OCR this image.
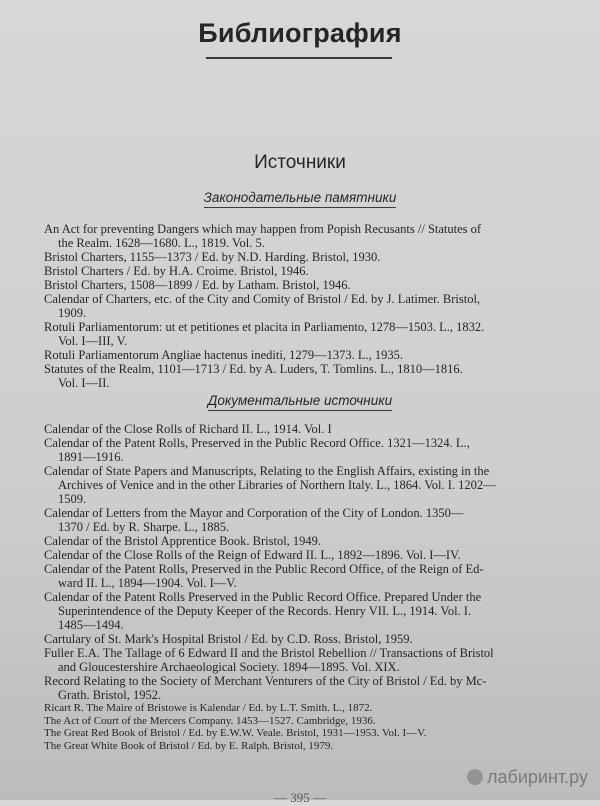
Библиография
Источники
Законодательные памятники
An Act for preventing Dangers which may happen from Popish Recusants // Statutes of
the Realm. 1628—1680. L., 1819. Vol. 5.
Bristol Charters, 1155—1373 / Ed. by N.D. Harding. Bristol, 1930.
Bristol Charters / Ed. by H.A. Croime. Bristol, 1946.
Bristol Charters, 1508—1899 / Ed. by Latham. Bristol, 1946.
Calendar of Charters, etc. of the City and Comity of Bristol / Ed. by J. Latimer. Bristol,
1909.
Rotuli Parliamentorum: ut et petitiones et placita in Parliamento, 1278—1503. L., 1832.
Vol. I—III, V.
Rotuli Parliamentorum Angliae hactenus inediti, 1279—1373. L., 1935.
Statutes of the Realm, 1101—1713 / Ed. by A. Luders, T. Tomlins. L., 1810—1816.
Vol. I—II.
Документальные источники
Calendar of the Close Rolls of Richard II. L., 1914. Vol. I
Calendar of the Patent Rolls, Preserved in the Public Record Office. 1321—1324. L.,
1891—1916.
Calendar of State Papers and Manuscripts, Relating to the English Affairs, existing in the
Archives of Venice and in the other Libraries of Northern Italy. L., 1864. Vol. I. 1202—
1509.
Calendar of Letters from the Mayor and Corporation of the City of London. 1350—
1370 / Ed. by R. Sharpe. L., 1885.
Calendar of the Bristol Apprentice Book. Bristol, 1949.
Calendar of the Close Rolls of the Reign of Edward II. L., 1892—1896. Vol. I—IV.
Calendar of the Patent Rolls, Preserved in the Public Record Office, of the Reign of Ed-
ward II. L., 1894—1904. Vol. I—V.
Calendar of the Patent Rolls Preserved in the Public Record Office. Prepared Under the
Superintendence of the Deputy Keeper of the Records. Henry VII. L., 1914. Vol. I.
1485—1494.
Cartulary of St. Mark's Hospital Bristol / Ed. by C.D. Ross. Bristol, 1959.
Fuller E.A. The Tallage of 6 Edward II and the Bristol Rebellion // Transactions of Bristol
and Gloucestershire Archaeological Society. 1894—1895. Vol. XIX.
Record Relating to the Society of Merchant Venturers of the City of Bristol / Ed. by Mc-
Grath. Bristol, 1952.
Ricart R. The Maire of Bristowe is Kalendar / Ed. by L.T. Smith. L., 1872.
The Act of Court of the Mercers Company. 1453—1527. Cambridge, 1936.
The Great Red Book of Bristol / Ed. by E.W.W. Veale. Bristol, 1931—1953. Vol. I—V.
The Great White Book of Bristol / Ed. by E. Ralph. Bristol, 1979.
лабиринт.ру
— 395 —
